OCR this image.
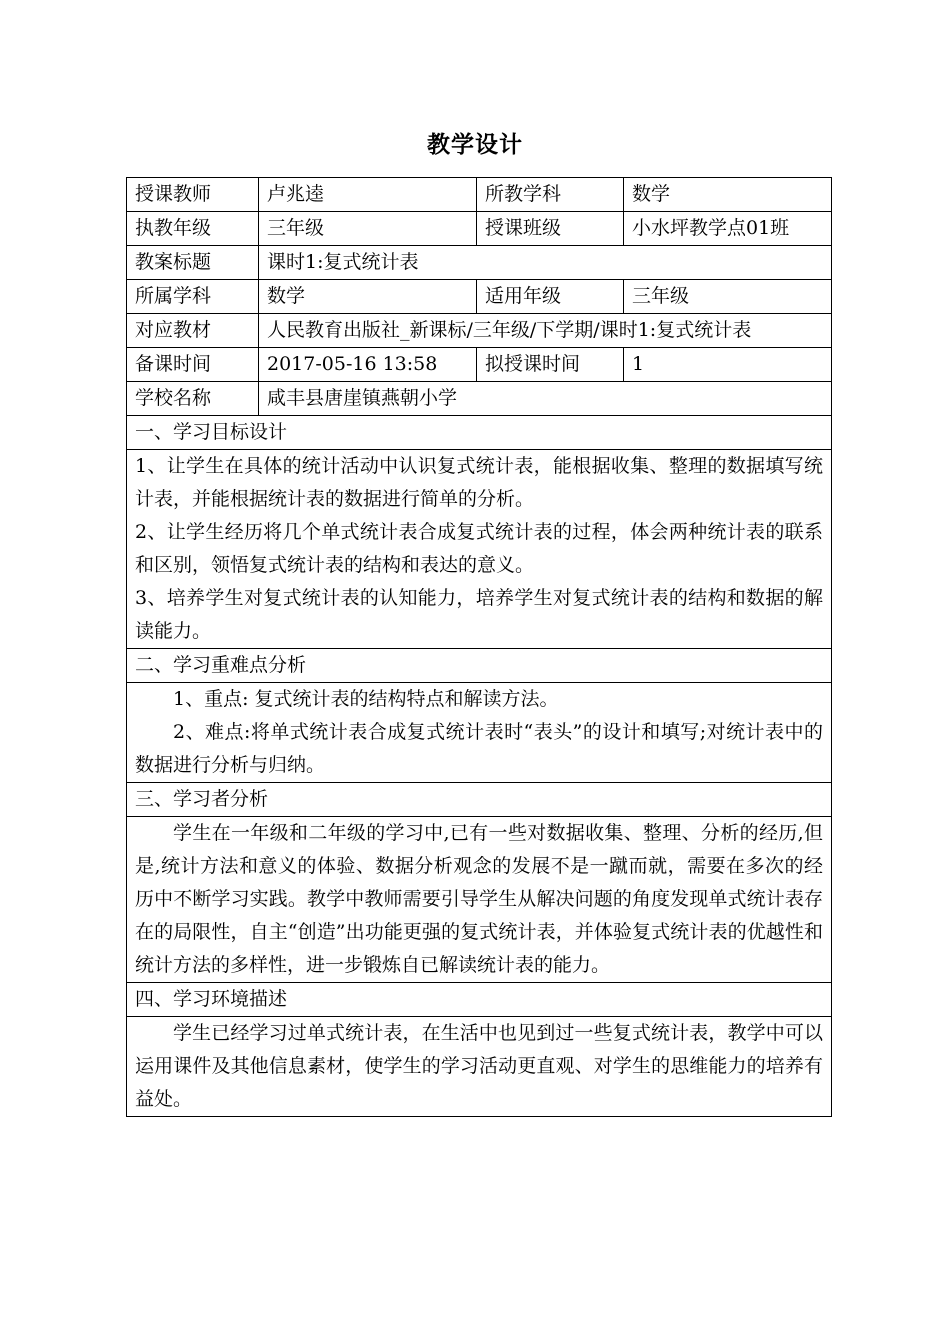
教学设计
授课教师	卢兆逵	所教学科	数学
执教年级	三年级	授课班级	小水坪教学点01班
教案标题	课时1:复式统计表		
所属学科	数学	适用年级	三年级
对应教材	人民教育出版社_新课标/三年级/下学期/课时1:复式统计表		
备课时间	2017-05-16 13:58	拟授课时间	1
学校名称	咸丰县唐崖镇燕朝小学		
一、学习目标设计			

1、让学生在具体的统计活动中认识复式统计表，能根据收集、整理的数据填写统计表，并能根据统计表的数据进行简单的分析。
2、让学生经历将几个单式统计表合成复式统计表的过程，体会两种统计表的联系和区别，领悟复式统计表的结构和表达的意义。
3、培养学生对复式统计表的认知能力，培养学生对复式统计表的结构和数据的解读能力。			

二、学习重难点分析			

1、重点: 复式统计表的结构特点和解读方法。
2、难点:将单式统计表合成复式统计表时“表头”的设计和填写;对统计表中的数据进行分析与归纳。			

三、学习者分析			
学生在一年级和二年级的学习中,已有一些对数据收集、整理、分析的经历,但是,统计方法和意义的体验、数据分析观念的发展不是一蹴而就，需要在多次的经历中不断学习实践。教学中教师需要引导学生从解决问题的角度发现单式统计表存在的局限性，自主“创造”出功能更强的复式统计表，并体验复式统计表的优越性和统计方法的多样性，进一步锻炼自已解读统计表的能力。			
四、学习环境描述			
学生已经学习过单式统计表，在生活中也见到过一些复式统计表，教学中可以运用课件及其他信息素材，使学生的学习活动更直观、对学生的思维能力的培养有益处。			
